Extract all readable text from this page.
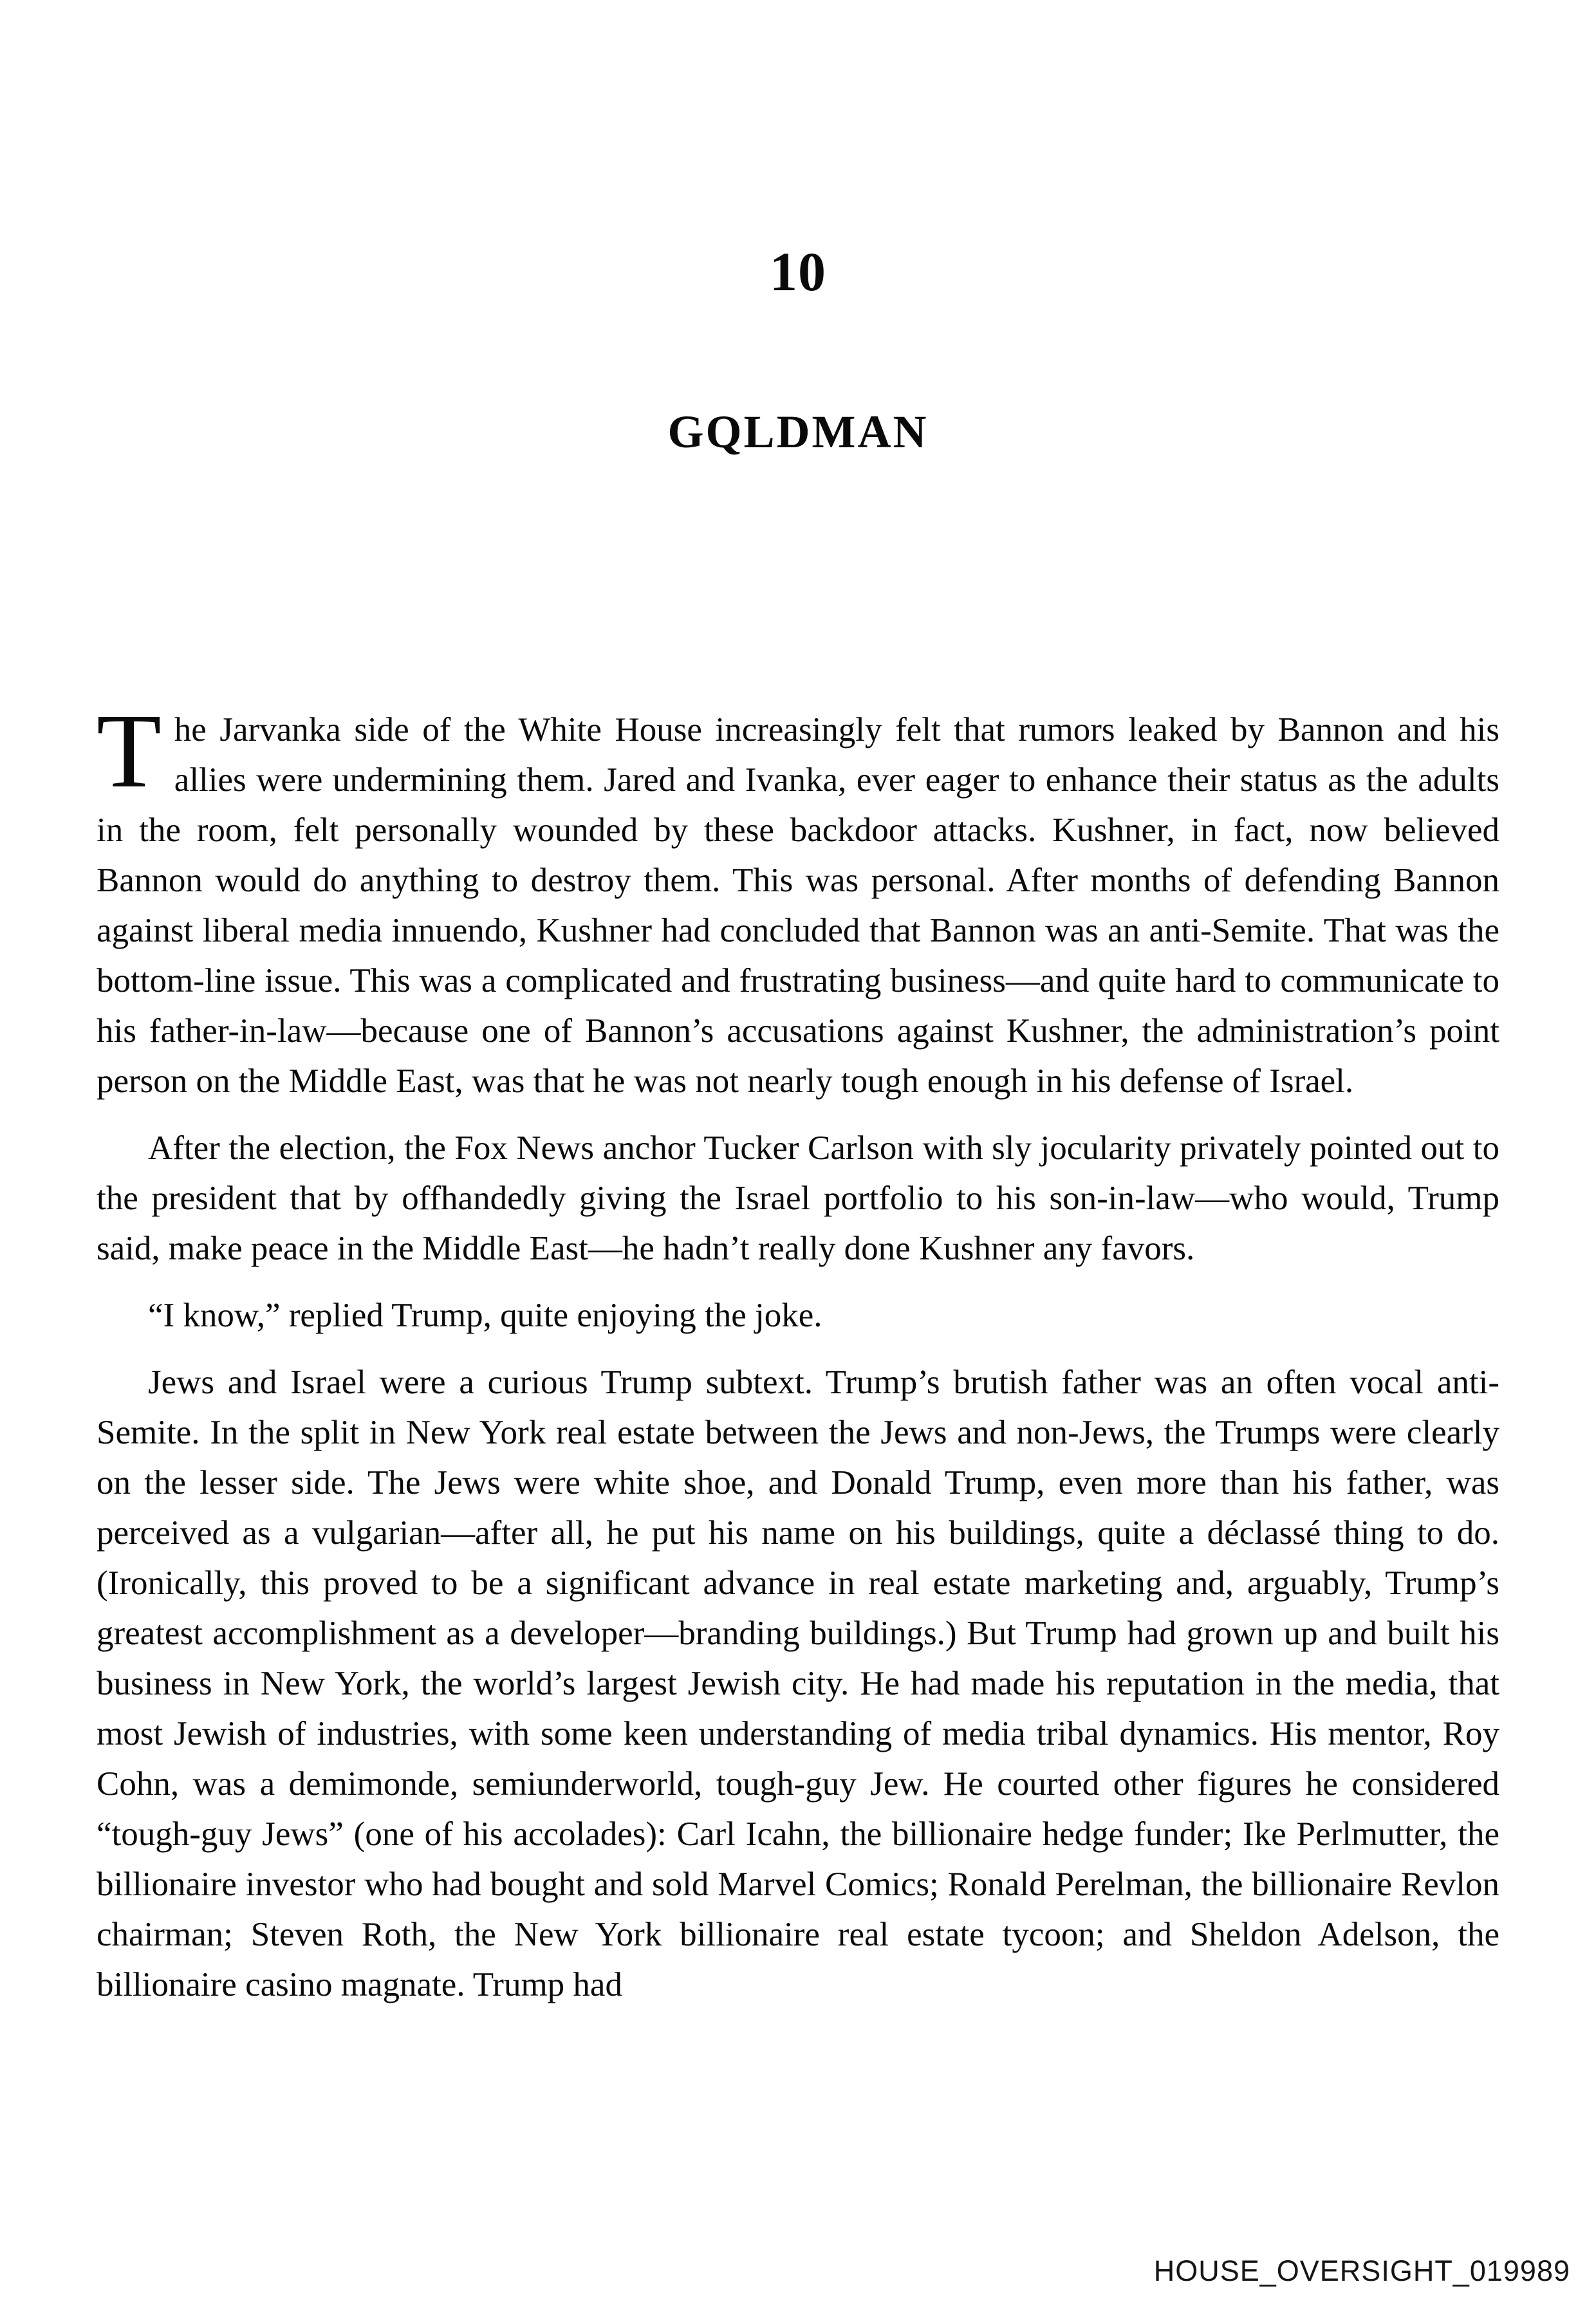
10
GQLDMAN

The Jarvanka side of the White House increasingly felt that rumors leaked by Bannon and his allies were undermining them. Jared and Ivanka, ever eager to enhance their status as the adults in the room, felt personally wounded by these backdoor attacks. Kushner, in fact, now believed Bannon would do anything to destroy them. This was personal. After months of defending Bannon against liberal media innuendo, Kushner had concluded that Bannon was an anti-Semite. That was the bottom-line issue. This was a complicated and frustrating business—and quite hard to communicate to his father-in-law—because one of Bannon’s accusations against Kushner, the administration’s point person on the Middle East, was that he was not nearly tough enough in his defense of Israel.

After the election, the Fox News anchor Tucker Carlson with sly jocularity privately pointed out to the president that by offhandedly giving the Israel portfolio to his son-in-law—who would, Trump said, make peace in the Middle East—he hadn’t really done Kushner any favors.

“I know,” replied Trump, quite enjoying the joke.

Jews and Israel were a curious Trump subtext. Trump’s brutish father was an often vocal anti-Semite. In the split in New York real estate between the Jews and non-Jews, the Trumps were clearly on the lesser side. The Jews were white shoe, and Donald Trump, even more than his father, was perceived as a vulgarian—after all, he put his name on his buildings, quite a déclassé thing to do. (Ironically, this proved to be a significant advance in real estate marketing and, arguably, Trump’s greatest accomplishment as a developer—branding buildings.) But Trump had grown up and built his business in New York, the world’s largest Jewish city. He had made his reputation in the media, that most Jewish of industries, with some keen understanding of media tribal dynamics. His mentor, Roy Cohn, was a demimonde, semiunderworld, tough-guy Jew. He courted other figures he considered “tough-guy Jews” (one of his accolades): Carl Icahn, the billionaire hedge funder; Ike Perlmutter, the billionaire investor who had bought and sold Marvel Comics; Ronald Perelman, the billionaire Revlon chairman; Steven Roth, the New York billionaire real estate tycoon; and Sheldon Adelson, the billionaire casino magnate. Trump had

HOUSE_OVERSIGHT_019989
